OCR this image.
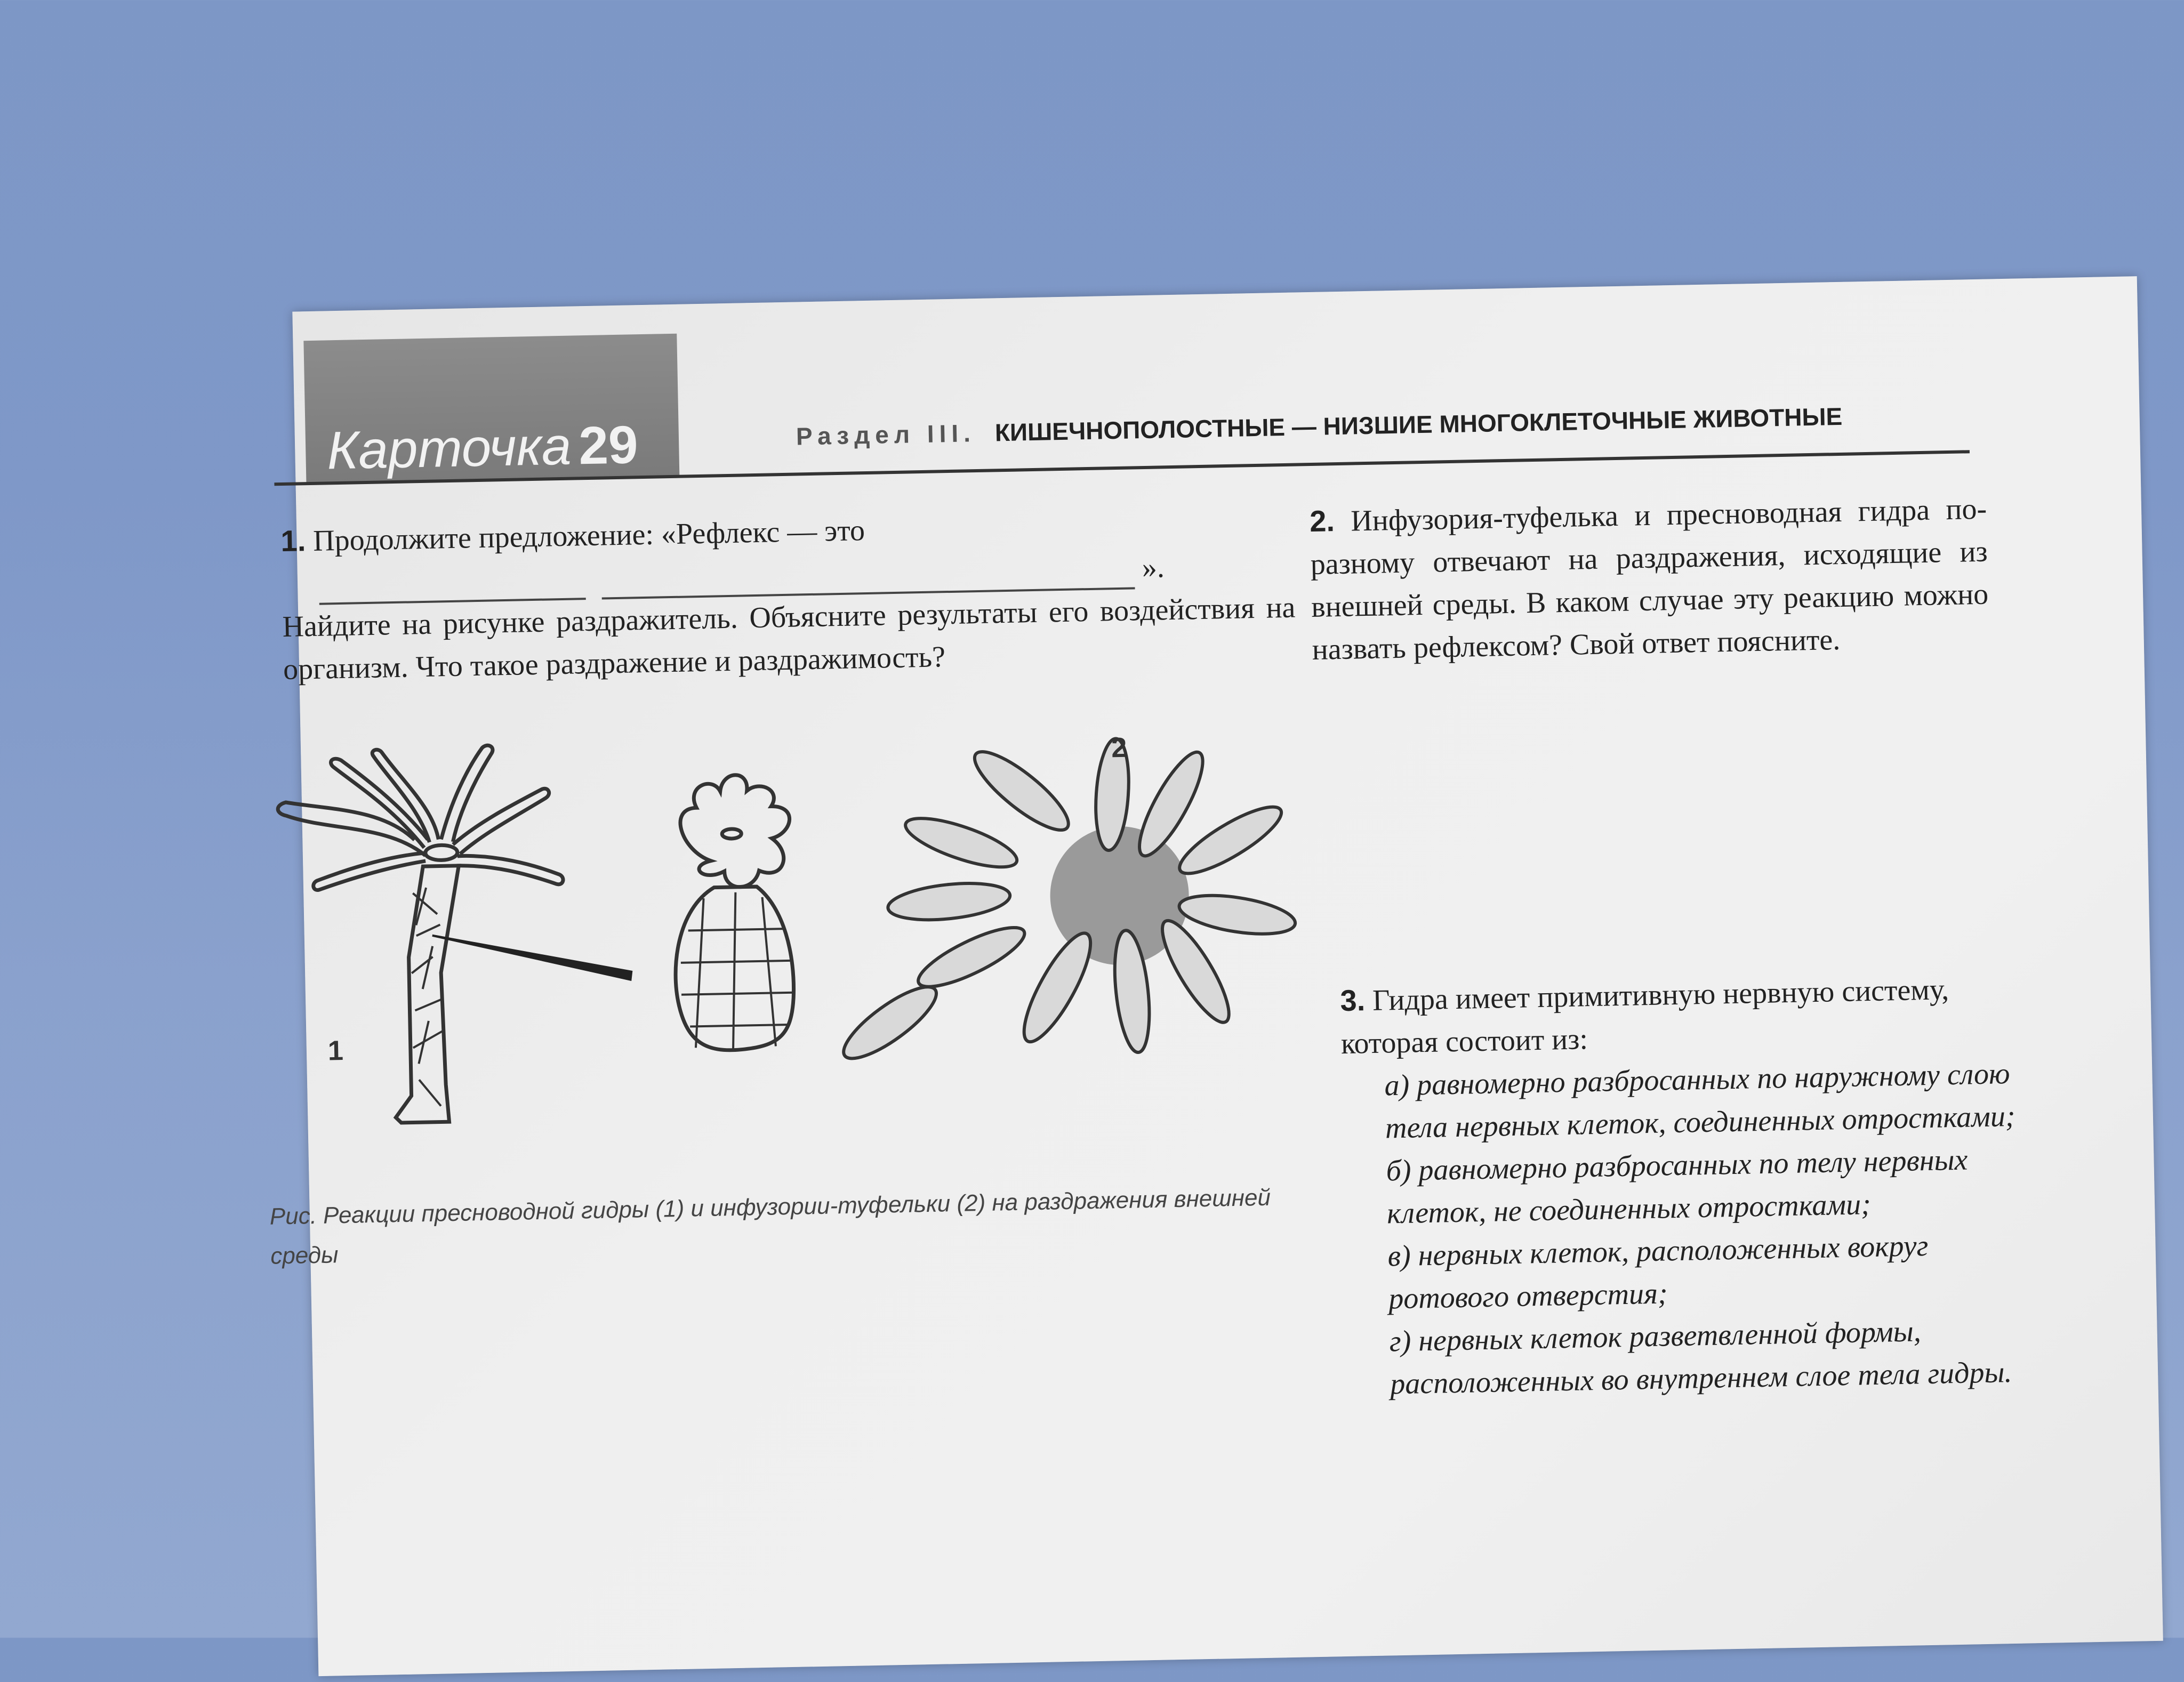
Карточка 29	Раздел III. КИШЕЧНОПОЛОСТНЫЕ — НИЗШИЕ МНОГОКЛЕТОЧНЫЕ ЖИВОТНЫЕ
1. Продолжите предложение: «Рефлекс — это
».
Найдите на рисунке раздражитель. Объясните результаты его воздействия на организм. Что такое раздражение и раздражимость?
2. Инфузория-туфелька и пресноводная гидра по-разному отвечают на раздражения, исходящие из внешней среды. В каком случае эту реакцию можно назвать рефлексом? Свой ответ поясните.
3. Гидра имеет примитивную нервную систему, которая состоит из:
а) равномерно разбросанных по наружному слою тела нервных клеток, соединенных отростками;
б) равномерно разбросанных по телу нервных клеток, не соединенных отростками;
в) нервных клеток, расположенных вокруг ротового отверстия;
г) нервных клеток разветвленной формы, расположенных во внутреннем слое тела гидры.
1
2
Рис. Реакции пресноводной гидры (1) и инфузории-туфельки (2) на раздражения внешней среды
